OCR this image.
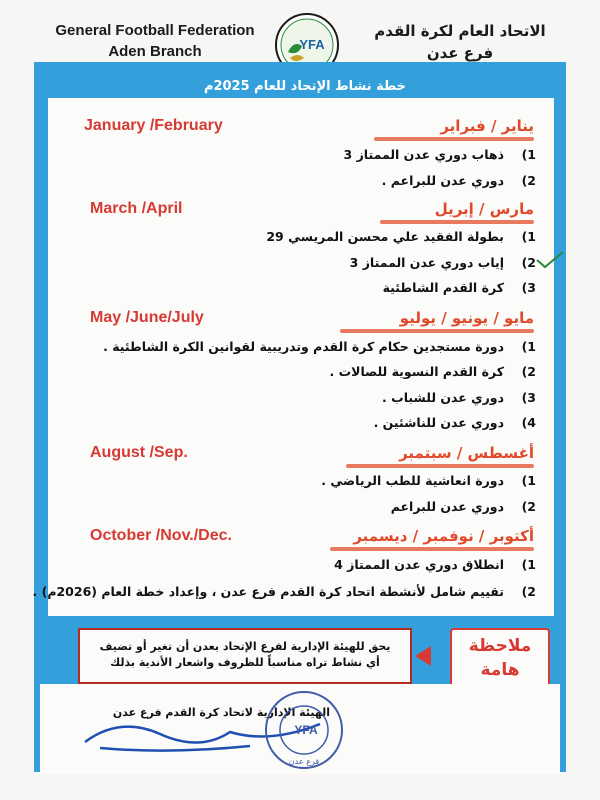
General Football Federation
Aden Branch	YFA
الاتحاد العام لكرة القدم
فرع عدن
خطة نشاط الإتحاد للعام 2025م
January /February	يناير / فبراير
ذهاب دوري عدن الممتاز 3	1)
دوري عدن للبراعم .	2)
March /April	مارس / إبريل
بطولة الفقيد علي محسن المريسي 29	1)
إياب دوري عدن الممتاز 3	2)
كرة القدم الشاطئية	3)
May /June/July	مايو / يونيو / يوليو
دورة مستجدين حكام كرة القدم وتدريبية لقوانين الكرة الشاطئية .	1)
كرة القدم النسوية للصالات .	2)
دوري عدن للشباب .	3)
دوري عدن للناشئين .	4)
August /Sep.	أغسطس / سبتمبر
دورة انعاشية للطب الرياضي .	1)
دوري عدن للبراعم	2)
October /Nov./Dec.	أكتوبر / نوفمبر / ديسمبر
انطلاق دوري عدن الممتاز 4	1)
تقييم شامل لأنشطة اتحاد كرة القدم فرع عدن ، وإعداد خطة العام (2026م) .	2)
يحق للهيئة الإدارية لفرع الإتحاد بعدن أن تغير أو تضيف
أي نشاط تراه مناسباً للظروف واشعار الأندية بذلك
ملاحظة
هامة
الهيئة الإدارية لاتحاد كرة القدم فرع عدن
YFA
فرع عدن
